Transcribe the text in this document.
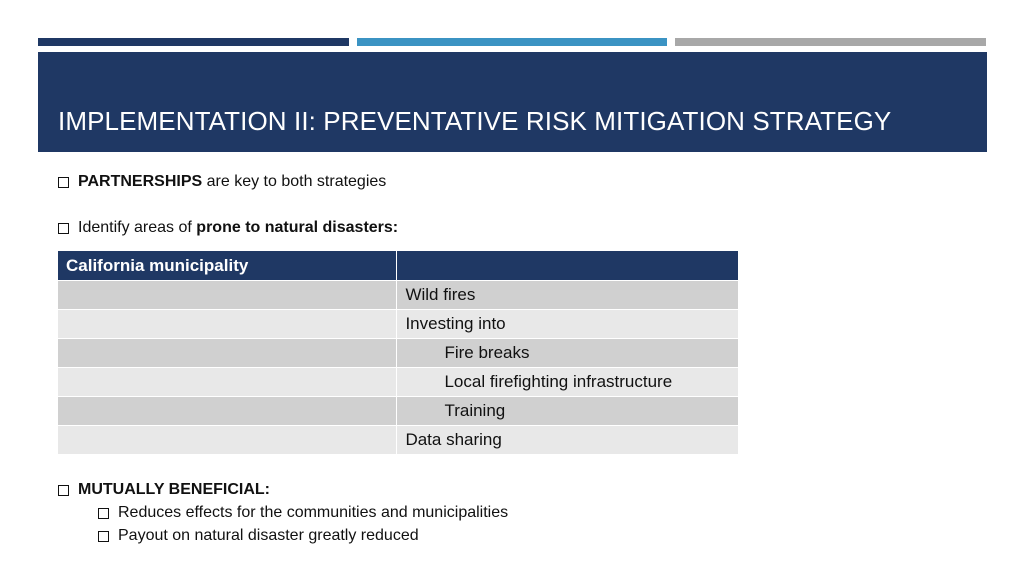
IMPLEMENTATION II: PREVENTATIVE RISK MITIGATION STRATEGY
PARTNERSHIPS
are key to both strategies
Identify areas of
prone to natural disasters:
California municipality	
	Wild fires
	Investing into
	Fire breaks
	Local firefighting infrastructure
	Training
	Data sharing
MUTUALLY BENEFICIAL:
Reduces effects for the communities and municipalities
Payout on natural disaster greatly reduced
